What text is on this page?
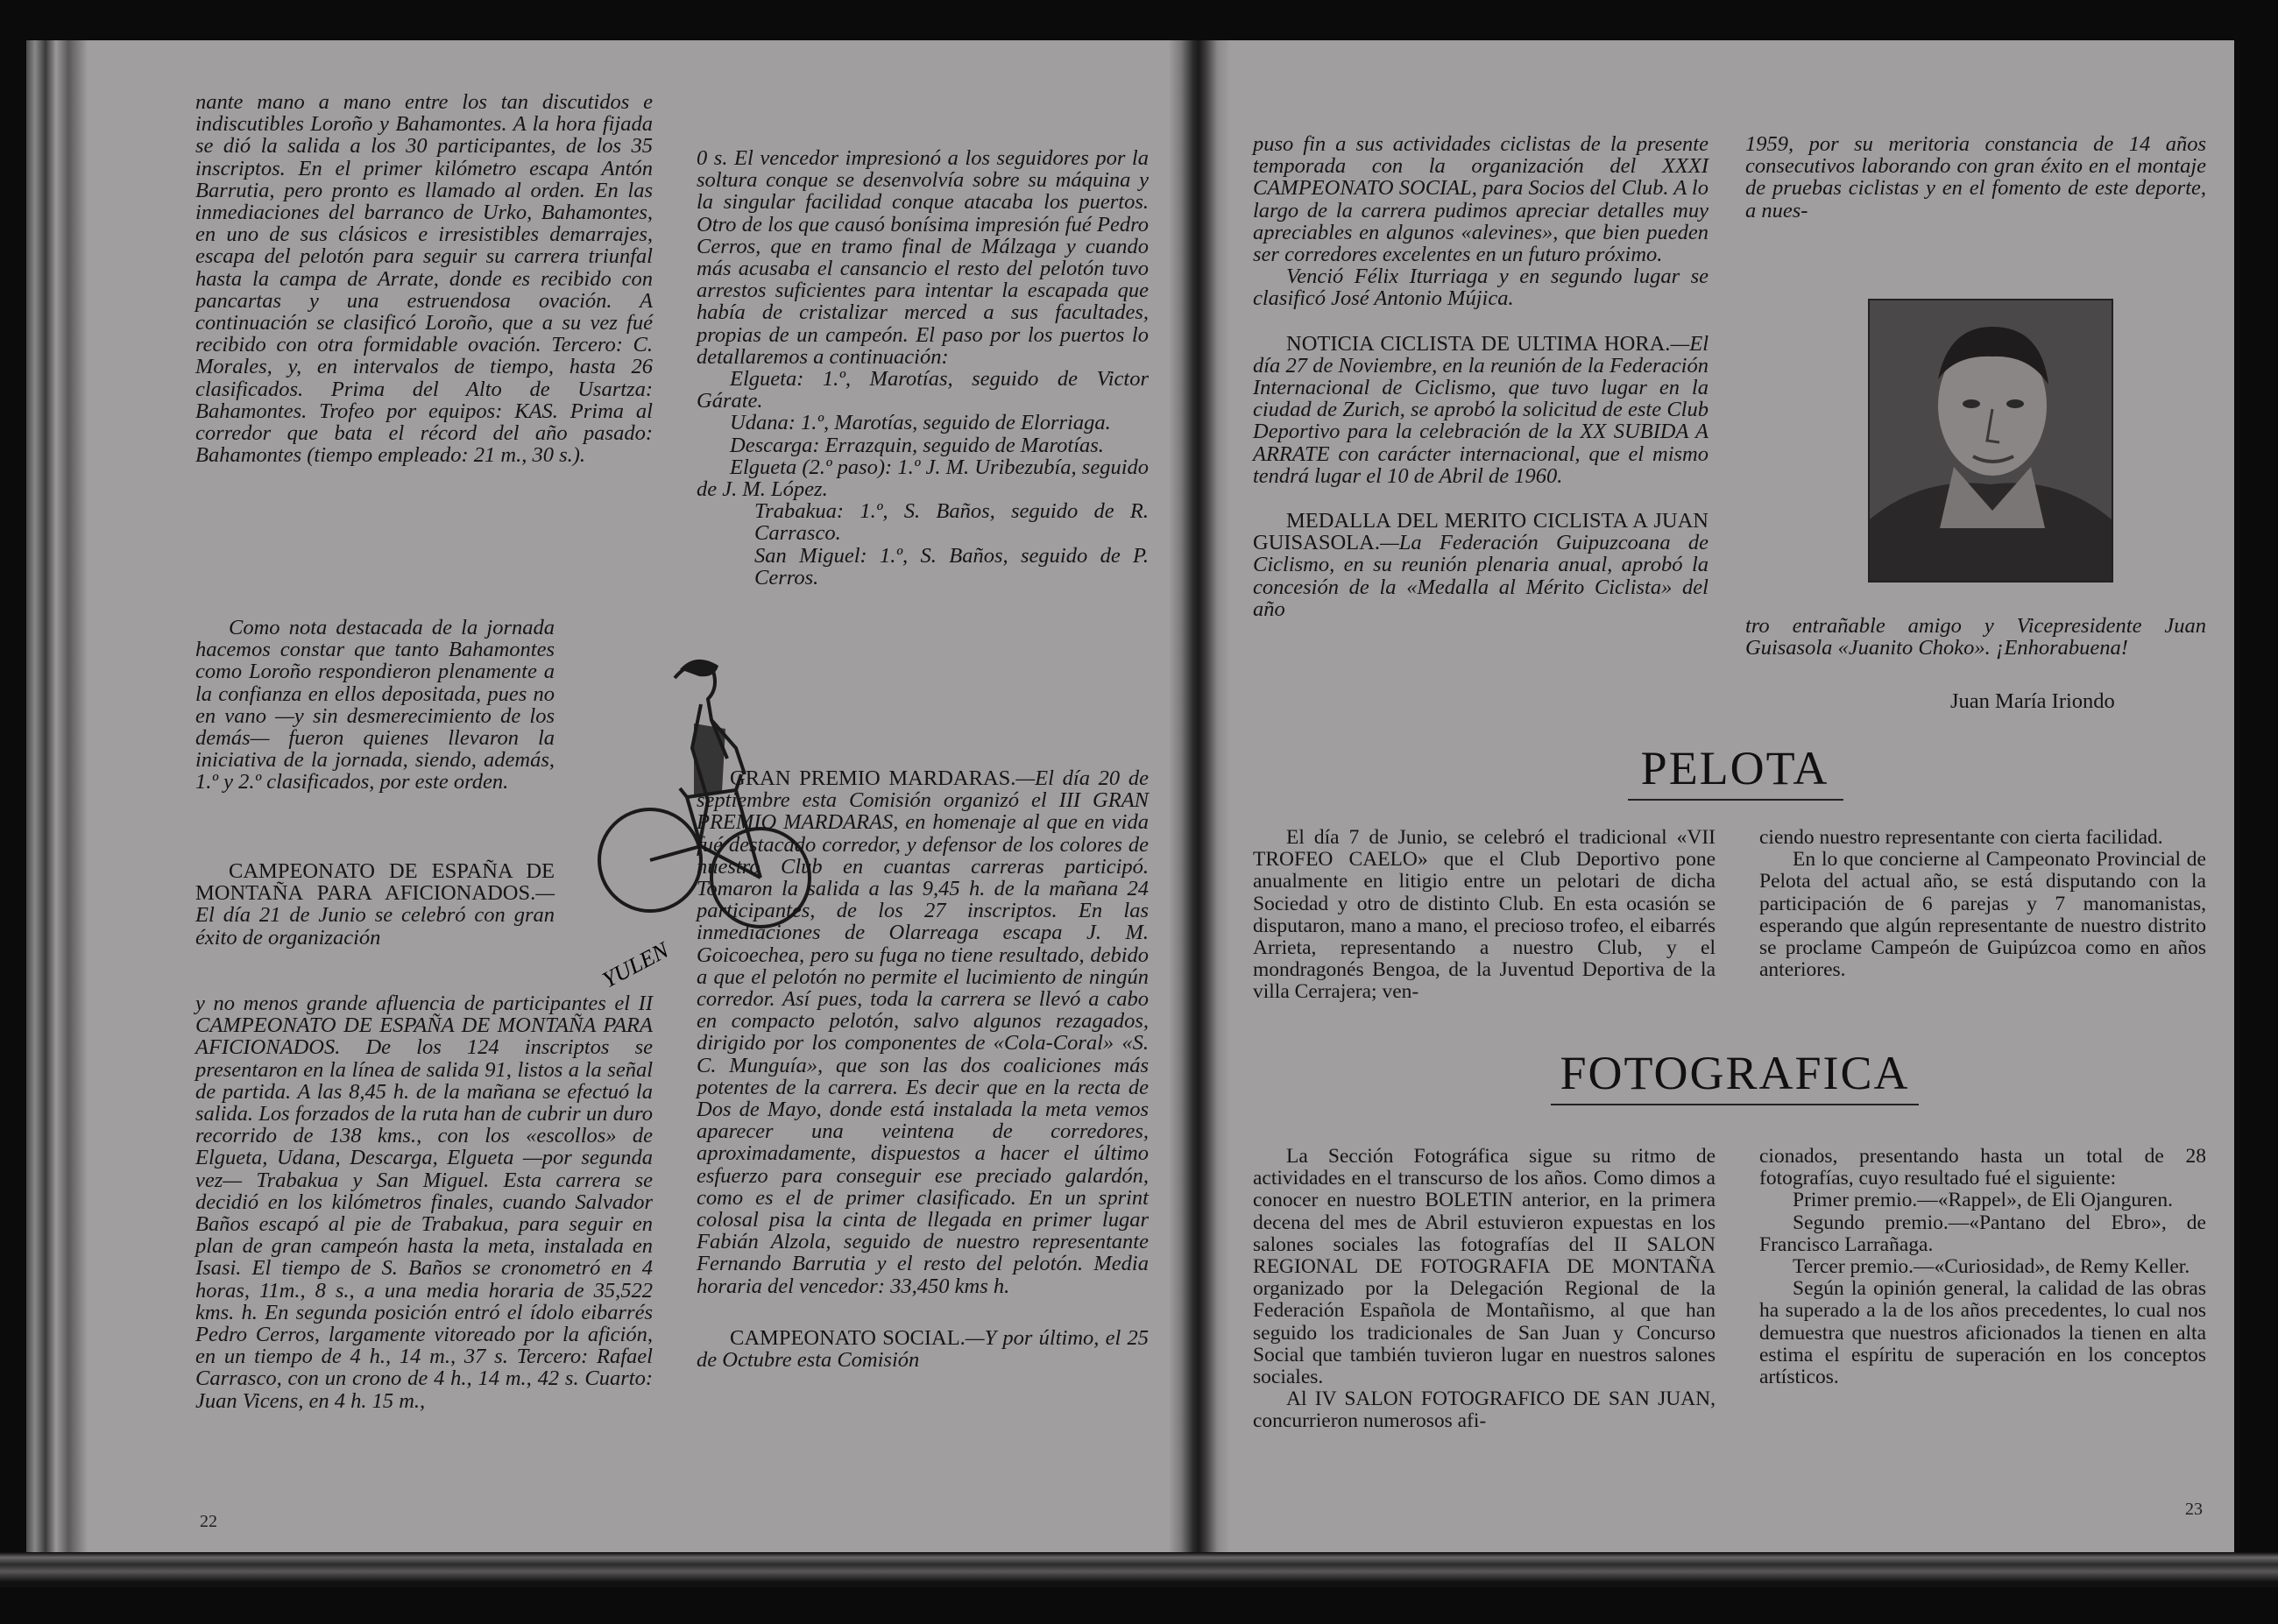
nante mano a mano entre los tan discutidos e indiscutibles Loroño y Bahamontes. A la hora fijada se dió la salida a los 30 participantes, de los 35 inscriptos. En el primer kilómetro escapa Antón Barrutia, pero pronto es llamado al orden. En las inmediaciones del barranco de Urko, Bahamontes, en uno de sus clásicos e irresistibles demarrajes, escapa del pelotón para seguir su carrera triunfal hasta la campa de Arrate, donde es recibido con pancartas y una estruendosa ovación. A continuación se clasificó Loroño, que a su vez fué recibido con otra formidable ovación. Tercero: C. Morales, y, en intervalos de tiempo, hasta 26 clasificados. Prima del Alto de Usartza: Bahamontes. Trofeo por equipos: KAS. Prima al corredor que bata el récord del año pasado: Bahamontes (tiempo empleado: 21 m., 30 s.).

Como nota destacada de la jornada hacemos constar que tanto Bahamontes como Loroño respondieron plenamente a la confianza en ellos depositada, pues no en vano —y sin desmerecimiento de los demás— fueron quienes llevaron la iniciativa de la jornada, siendo, además, 1.º y 2.º clasificados, por este orden.

CAMPEONATO DE ESPAÑA DE MONTAÑA PARA AFICIONADOS.—El día 21 de Junio se celebró con gran éxito de organización

y no menos grande afluencia de participantes el II CAMPEONATO DE ESPAÑA DE MONTAÑA PARA AFICIONADOS. De los 124 inscriptos se presentaron en la línea de salida 91, listos a la señal de partida. A las 8,45 h. de la mañana se efectuó la salida. Los forzados de la ruta han de cubrir un duro recorrido de 138 kms., con los «escollos» de Elgueta, Udana, Descarga, Elgueta —por segunda vez— Trabakua y San Miguel. Esta carrera se decidió en los kilómetros finales, cuando Salvador Baños escapó al pie de Trabakua, para seguir en plan de gran campeón hasta la meta, instalada en Isasi. El tiempo de S. Baños se cronometró en 4 horas, 11m., 8 s., a una media horaria de 35,522 kms. h. En segunda posición entró el ídolo eibarrés Pedro Cerros, largamente vitoreado por la afición, en un tiempo de 4 h., 14 m., 37 s. Tercero: Rafael Carrasco, con un crono de 4 h., 14 m., 42 s. Cuarto: Juan Vicens, en 4 h. 15 m.,

YULEN

0 s. El vencedor impresionó a los seguidores por la soltura conque se desenvolvía sobre su máquina y la singular facilidad conque atacaba los puertos. Otro de los que causó bonísima impresión fué Pedro Cerros, que en tramo final de Málzaga y cuando más acusaba el cansancio el resto del pelotón tuvo arrestos suficientes para intentar la escapada que había de cristalizar merced a sus facultades, propias de un campeón. El paso por los puertos lo detallaremos a continuación:

Elgueta: 1.º, Marotías, seguido de Victor Gárate.

Udana: 1.º, Marotías, seguido de Elorriaga.

Descarga: Errazquin, seguido de Marotías.

Elgueta (2.º paso): 1.º J. M. Uribezubía, seguido de J. M. López.

Trabakua: 1.º, S. Baños, seguido de R. Carrasco.

San Miguel: 1.º, S. Baños, seguido de P. Cerros.

GRAN PREMIO MARDARAS.—El día 20 de septiembre esta Comisión organizó el III GRAN PREMIO MARDARAS, en homenaje al que en vida fué destacado corredor, y defensor de los colores de nuestro Club en cuantas carreras participó. Tomaron la salida a las 9,45 h. de la mañana 24 participantes, de los 27 inscriptos. En las inmediaciones de Olarreaga escapa J. M. Goicoechea, pero su fuga no tiene resultado, debido a que el pelotón no permite el lucimiento de ningún corredor. Así pues, toda la carrera se llevó a cabo en compacto pelotón, salvo algunos rezagados, dirigido por los componentes de «Cola-Coral» «S. C. Munguía», que son las dos coaliciones más potentes de la carrera. Es decir que en la recta de Dos de Mayo, donde está instalada la meta vemos aparecer una veintena de corredores, aproximadamente, dispuestos a hacer el último esfuerzo para conseguir ese preciado galardón, como es el de primer clasificado. En un sprint colosal pisa la cinta de llegada en primer lugar Fabián Alzola, seguido de nuestro representante Fernando Barrutia y el resto del pelotón. Media horaria del vencedor: 33,450 kms h.

CAMPEONATO SOCIAL.—Y por último, el 25 de Octubre esta Comisión

22

puso fin a sus actividades ciclistas de la presente temporada con la organización del XXXI CAMPEONATO SOCIAL, para Socios del Club. A lo largo de la carrera pudimos apreciar detalles muy apreciables en algunos «alevines», que bien pueden ser corredores excelentes en un futuro próximo.

Venció Félix Iturriaga y en segundo lugar se clasificó José Antonio Mújica.

NOTICIA CICLISTA DE ULTIMA HORA.—El día 27 de Noviembre, en la reunión de la Federación Internacional de Ciclismo, que tuvo lugar en la ciudad de Zurich, se aprobó la solicitud de este Club Deportivo para la celebración de la XX SUBIDA A ARRATE con carácter internacional, que el mismo tendrá lugar el 10 de Abril de 1960.

MEDALLA DEL MERITO CICLISTA A JUAN GUISASOLA.—La Federación Guipuzcoana de Ciclismo, en su reunión plenaria anual, aprobó la concesión de la «Medalla al Mérito Ciclista» del año

1959, por su meritoria constancia de 14 años consecutivos laborando con gran éxito en el montaje de pruebas ciclistas y en el fomento de este deporte, a nues-

tro entrañable amigo y Vicepresidente Juan Guisasola «Juanito Choko». ¡Enhorabuena!

Juan María Iriondo
PELOTA

El día 7 de Junio, se celebró el tradicional «VII TROFEO CAELO» que el Club Deportivo pone anualmente en litigio entre un pelotari de dicha Sociedad y otro de distinto Club. En esta ocasión se disputaron, mano a mano, el precioso trofeo, el eibarrés Arrieta, representando a nuestro Club, y el mondragonés Bengoa, de la Juventud Deportiva de la villa Cerrajera; ven-

ciendo nuestro representante con cierta facilidad.

En lo que concierne al Campeonato Provincial de Pelota del actual año, se está disputando con la participación de 6 parejas y 7 manomanistas, esperando que algún representante de nuestro distrito se proclame Campeón de Guipúzcoa como en años anteriores.

FOTOGRAFICA

La Sección Fotográfica sigue su ritmo de actividades en el transcurso de los años. Como dimos a conocer en nuestro BOLETIN anterior, en la primera decena del mes de Abril estuvieron expuestas en los salones sociales las fotografías del II SALON REGIONAL DE FOTOGRAFIA DE MONTAÑA organizado por la Delegación Regional de la Federación Española de Montañismo, al que han seguido los tradicionales de San Juan y Concurso Social que también tuvieron lugar en nuestros salones sociales.

Al IV SALON FOTOGRAFICO DE SAN JUAN, concurrieron numerosos afi-

cionados, presentando hasta un total de 28 fotografías, cuyo resultado fué el siguiente:

Primer premio.—«Rappel», de Eli Ojanguren.

Segundo premio.—«Pantano del Ebro», de Francisco Larrañaga.

Tercer premio.—«Curiosidad», de Remy Keller.

Según la opinión general, la calidad de las obras ha superado a la de los años precedentes, lo cual nos demuestra que nuestros aficionados la tienen en alta estima el espíritu de superación en los conceptos artísticos.

23
